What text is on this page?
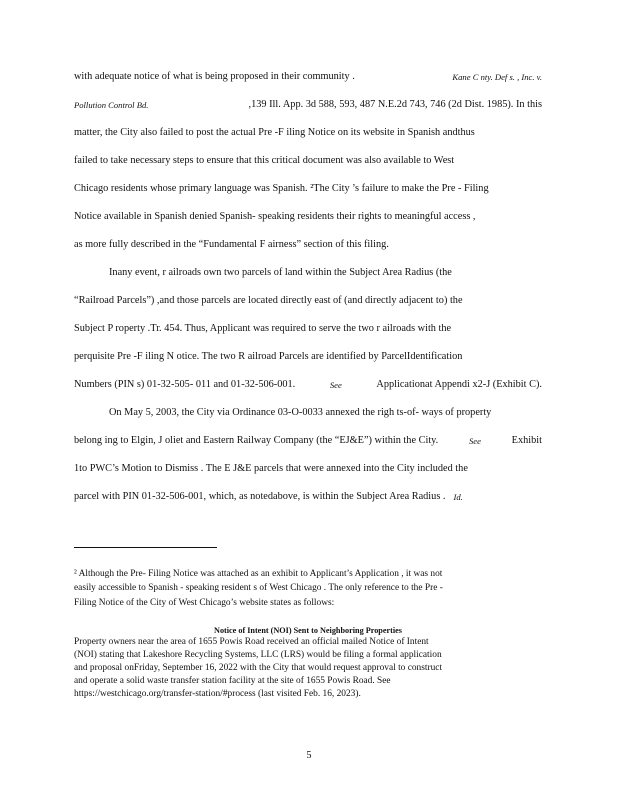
with adequate notice of what is being proposed in their community .	Kane C nty. Def s. , Inc. v.
Pollution Control Bd.	,139 Ill. App. 3d 588, 593, 487 N.E.2d 743, 746 (2d Dist. 1985). In this
matter, the City also failed to post the actual Pre -F iling Notice on its website in Spanish andthus
failed to take necessary steps to ensure that this critical document was also available to West
Chicago residents whose primary language was Spanish. ²The City ’s failure to make the Pre - Filing
Notice available in Spanish denied Spanish- speaking residents their rights to meaningful access ,
as more fully described in the “Fundamental F airness” section of this filing.
Inany event, r ailroads own two parcels of land within the Subject Area Radius (the
“Railroad Parcels”) ,and those parcels are located directly east of (and directly adjacent to) the
Subject P roperty .Tr. 454. Thus, Applicant was required to serve the two r ailroads with the
perquisite Pre -F iling N otice. The two R ailroad Parcels are identified by ParcelIdentification
Numbers (PIN s) 01-32-505- 011 and 01-32-506-001.	See	Applicationat Appendi x2-J (Exhibit C).
On May 5, 2003, the City via Ordinance 03-O-0033 annexed the righ ts-of- ways of property
belong ing to Elgin, J oliet and Eastern Railway Company (the “EJ&E”) within the City.	See	Exhibit
1to PWC’s Motion to Dismiss . The E J&E parcels that were annexed into the City included the
parcel with PIN 01-32-506-001, which, as notedabove, is within the Subject Area Radius . Id.
² Although the Pre- Filing Notice was attached as an exhibit to Applicant’s Application , it was not
easily accessible to Spanish - speaking resident s of West Chicago . The only reference to the Pre -
Filing Notice of the City of West Chicago’s website states as follows:
Property owners near the area of 1655 Powis Road received an official mailed Notice of Intent
(NOI) stating that Lakeshore Recycling Systems, LLC (LRS) would be filing a formal application
and proposal onFriday, September 16, 2022 with the City that would request approval to construct
and operate a solid waste transfer station facility at the site of 1655 Powis Road. See
https://westchicago.org/transfer-station/#process (last visited Feb. 16, 2023).
Notice of Intent (NOI) Sent to Neighboring Properties
5
